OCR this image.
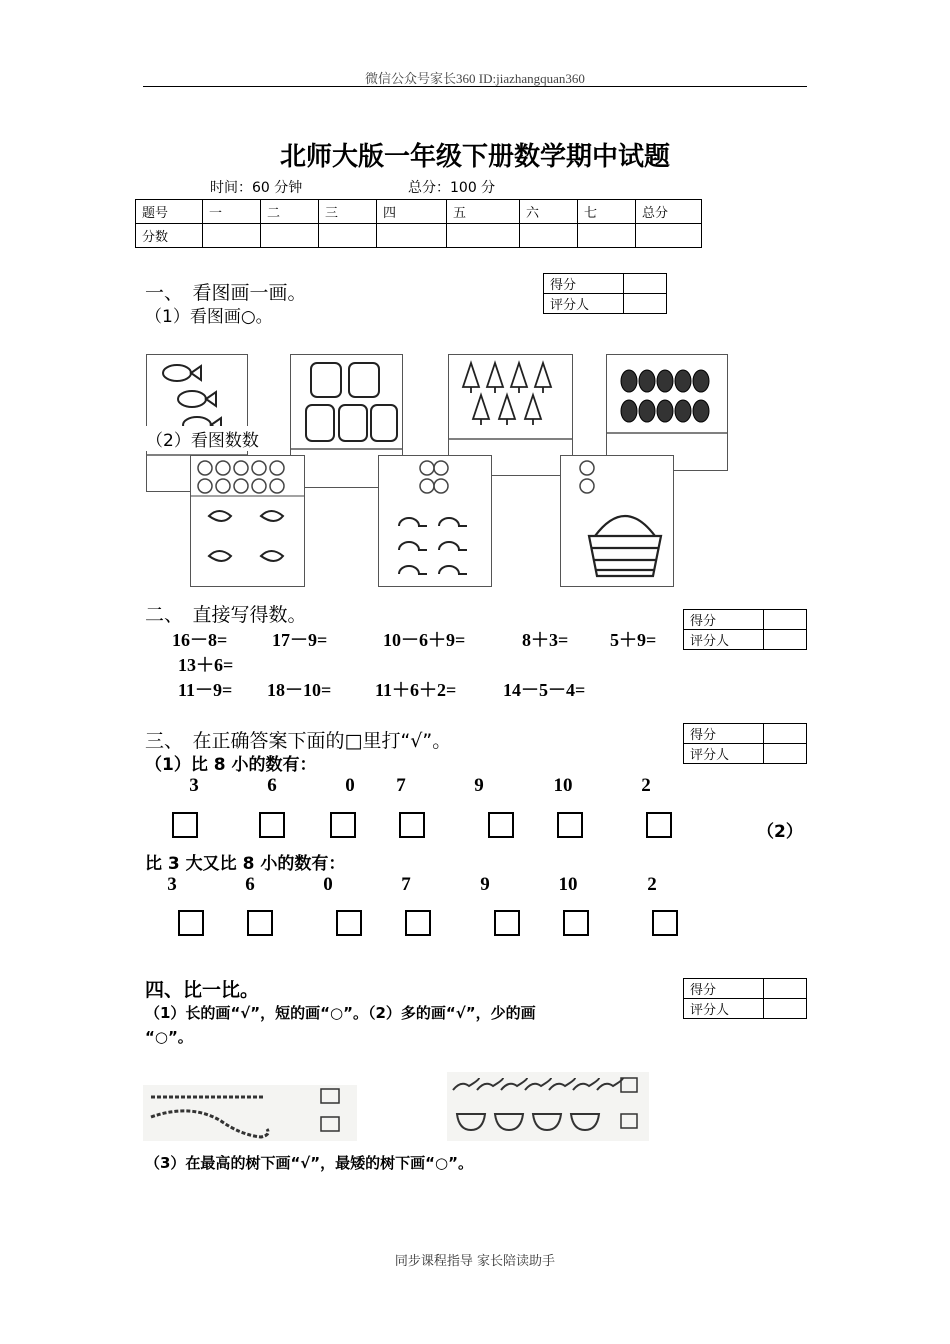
微信公众号家长360 ID:jiazhangquan360
北师大版一年级下册数学期中试题
时间：60 分钟	总分：100 分
题号	一	二	三	四	五	六	七	总分
分数								
一、　看图画一画。
（1）看图画○。
得分	
评分人	
（2）看图数数
二、　直接写得数。	得分	
评分人	
16－8= 17－9=	10－6＋9=	8＋3= 5＋9=
13＋6=
11－9= 18－10= 11＋6＋2=	14－5－4=
三、　在正确答案下面的□里打“√”。	得分	
评分人	
（1）比 8 小的数有：
3	6	0	7	9	10	2
（2）
比 3 大又比 8 小的数有：
3	6	0	7	9	10	2
四、比一比。	得分	
评分人	
（1）长的画“√”，短的画“○”。（2）多的画“√”，少的画
“○”。
（3）在最高的树下画“√”，最矮的树下画“○”。
同步课程指导 家长陪读助手
